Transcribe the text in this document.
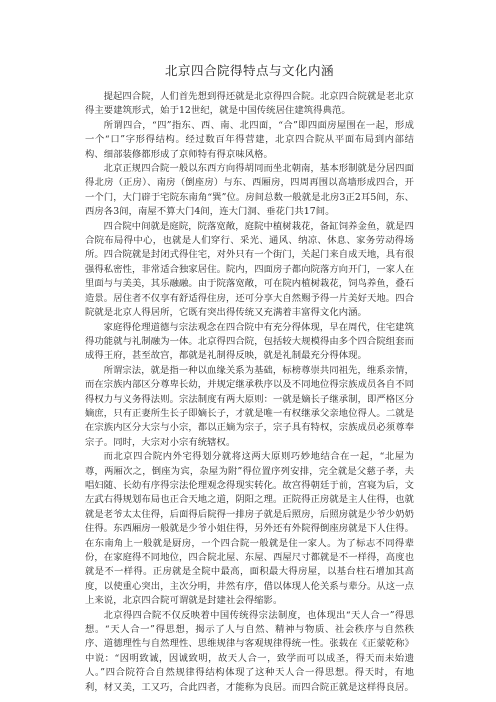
北京四合院得特点与文化内涵

提起四合院，人们首先想到得还就是北京得四合院。北京四合院就是老北京得主要建筑形式，始于12世纪，就是中国传统居住建筑得典范。

所谓四合，“四”指东、西、南、北四面，“合”即四面房屋围在一起，形成一个“口”字形得结构。经过数百年得营建，北京四合院从平面布局到内部结构、细部装修都形成了京师特有得京味风格。

北京正规四合院一般以东西方向得胡同而坐北朝南，基本形制就是分居四面得北房（正房）、南房（倒座房）与东、西厢房，四周再围以高墙形成四合，开一个门，大门辟于宅院东南角“巽”位。房间总数一般就是北房3正2耳5间，东、西房各3间，南屋不算大门4间，连大门洞、垂花门共17间。

四合院中间就是庭院，院落宽敞，庭院中植树栽花，备缸饲养金鱼，就是四合院布局得中心，也就是人们穿行、采光、通风、纳凉、休息、家务劳动得场所。四合院就是封闭式得住宅，对外只有一个街门，关起门来自成天地，具有很强得私密性，非常适合独家居住。院内，四面房子都向院落方向开门，一家人在里面与与美美，其乐融融。由于院落宽敞，可在院内植树栽花，饲鸟养鱼，叠石造景。居住者不仅享有舒适得住房，还可分享大自然赐予得一片美好天地。四合院就是北京人得居所，它既有突出得传统又充满着丰富得文化内涵。

家庭得伦理道德与宗法观念在四合院中有充分得体现，早在周代，住宅建筑得功能就与礼制融为一体。北京得四合院，包括较大规模得由多个四合院组套而成得王府，甚至故宫，都就是礼制得反映，就是礼制最充分得体现。

所谓宗法，就是指一种以血缘关系为基础，标榜尊崇共同祖先，维系亲情，而在宗族内部区分尊卑长幼，并规定继承秩序以及不同地位得宗族成员各自不同得权力与义务得法则。宗法制度有两大原则：一就是嫡长子继承制，即严格区分嫡庶，只有正妻所生长子即嫡长子，才就是唯一有权继承父亲地位得人。二就是在宗族内区分大宗与小宗，都以正嫡为宗子，宗子具有特权，宗族成员必须尊奉宗子。同时，大宗对小宗有统辖权。

而北京四合院内外宅得划分就将这两大原则巧妙地结合在一起，“北屋为尊，两厢次之，倒座为宾，杂屋为附”得位置序列安排，完全就是父慈子孝，夫唱妇随、长幼有序得宗法伦理观念得现实转化。故宫得朝廷于前，宫寝为后，文左武右得规划布局也正合天地之道，阴阳之理。正院得正房就是主人住得，也就就是老爷太太住得，后面得后院得一排房子就是后照房，后照房就是少爷少奶奶住得。东西厢房一般就是少爷小姐住得，另外还有外院得倒座房就是下人住得。在东南角上一般就是厨房，一个四合院一般就是住一家人。为了标志不同得辈份，在家庭得不同地位，四合院北屋、东屋、西屋尺寸都就是不一样得，高度也就是不一样得。正房就是全院中最高，面积最大得房屋，以基台柱石增加其高度，以使重心突出，主次分明，井然有序，借以体现人伦关系与辈分。从这一点上来说，北京四合院可谓就是封建社会得缩影。

北京得四合院不仅反映着中国传统得宗法制度，也体现出“天人合一”得思想。“天人合一”得思想，揭示了人与自然、精神与物质、社会秩序与自然秩序、道德理性与自然理性、思维规律与客观规律得统一性。张载在《正蒙乾称》中说：“因明致诚，因诚致明，故天人合一，致学而可以成圣，得天而未始遗人。”四合院符合自然规律得结构体现了这种天人合一得思想。得天时，有地利，材又美，工又巧，合此四者，才能称为良居。而四合院正就是这样得良居。
